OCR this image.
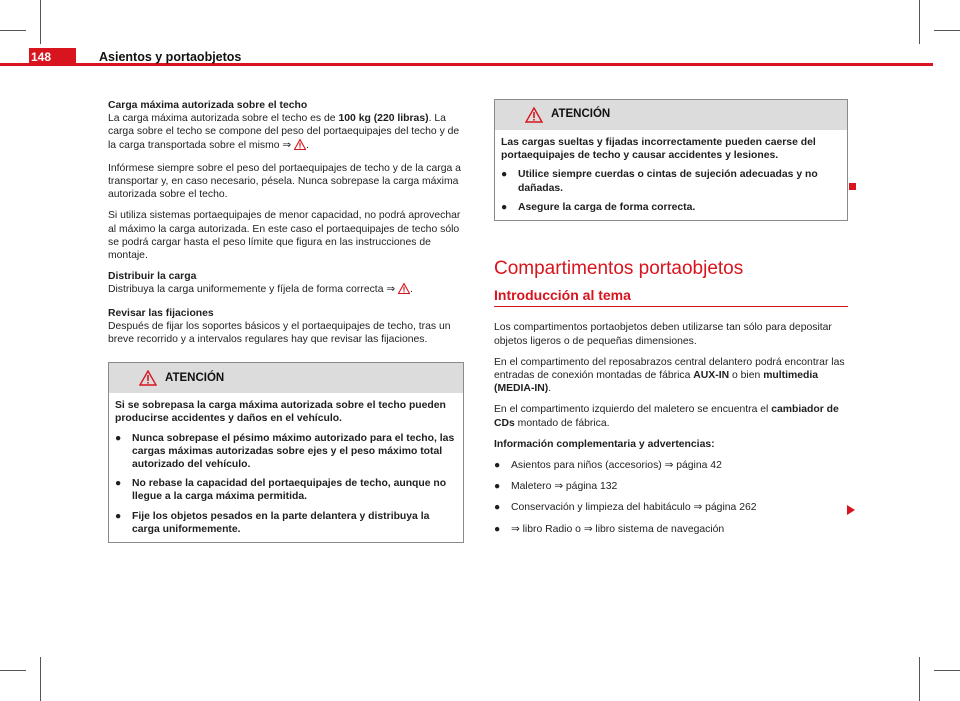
148	Asientos y portaobjetos

Carga máxima autorizada sobre el techo

La carga máxima autorizada sobre el techo es de 100 kg (220 libras). La carga sobre el techo se compone del peso del portaequipajes del techo y de la carga transportada sobre el mismo ⇒ .

Infórmese siempre sobre el peso del portaequipajes de techo y de la carga a transportar y, en caso necesario, pésela. Nunca sobrepase la carga máxima autorizada sobre el techo.

Si utiliza sistemas portaequipajes de menor capacidad, no podrá aprovechar al máximo la carga autorizada. En este caso el portaequipajes de techo sólo se podrá cargar hasta el peso límite que figura en las instrucciones de montaje.

Distribuir la carga

Distribuya la carga uniformemente y fíjela de forma correcta ⇒ .

Revisar las fijaciones

Después de fijar los soportes básicos y el portaequipajes de techo, tras un breve recorrido y a intervalos regulares hay que revisar las fijaciones.

ATENCIÓN

Si se sobrepasa la carga máxima autorizada sobre el techo pueden producirse accidentes y daños en el vehículo.

●	Nunca sobrepase el pésimo máximo autorizado para el techo, las cargas máximas autorizadas sobre ejes y el peso máximo total autorizado del vehículo.
●	No rebase la capacidad del portaequipajes de techo, aunque no llegue a la carga máxima permitida.
●	Fije los objetos pesados en la parte delantera y distribuya la carga uniformemente.
ATENCIÓN

Las cargas sueltas y fijadas incorrectamente pueden caerse del portaequipajes de techo y causar accidentes y lesiones.

●	Utilice siempre cuerdas o cintas de sujeción adecuadas y no dañadas.
●	Asegure la carga de forma correcta.
Compartimentos portaobjetos
Introducción al tema

Los compartimentos portaobjetos deben utilizarse tan sólo para depositar objetos ligeros o de pequeñas dimensiones.

En el compartimento del reposabrazos central delantero podrá encontrar las entradas de conexión montadas de fábrica AUX-IN o bien multimedia (MEDIA-IN).

En el compartimento izquierdo del maletero se encuentra el cambiador de CDs montado de fábrica.

Información complementaria y advertencias:

●	Asientos para niños (accesorios) ⇒ página 42
●	Maletero ⇒ página 132
●	Conservación y limpieza del habitáculo ⇒ página 262
●	⇒ libro Radio o ⇒ libro sistema de navegación
